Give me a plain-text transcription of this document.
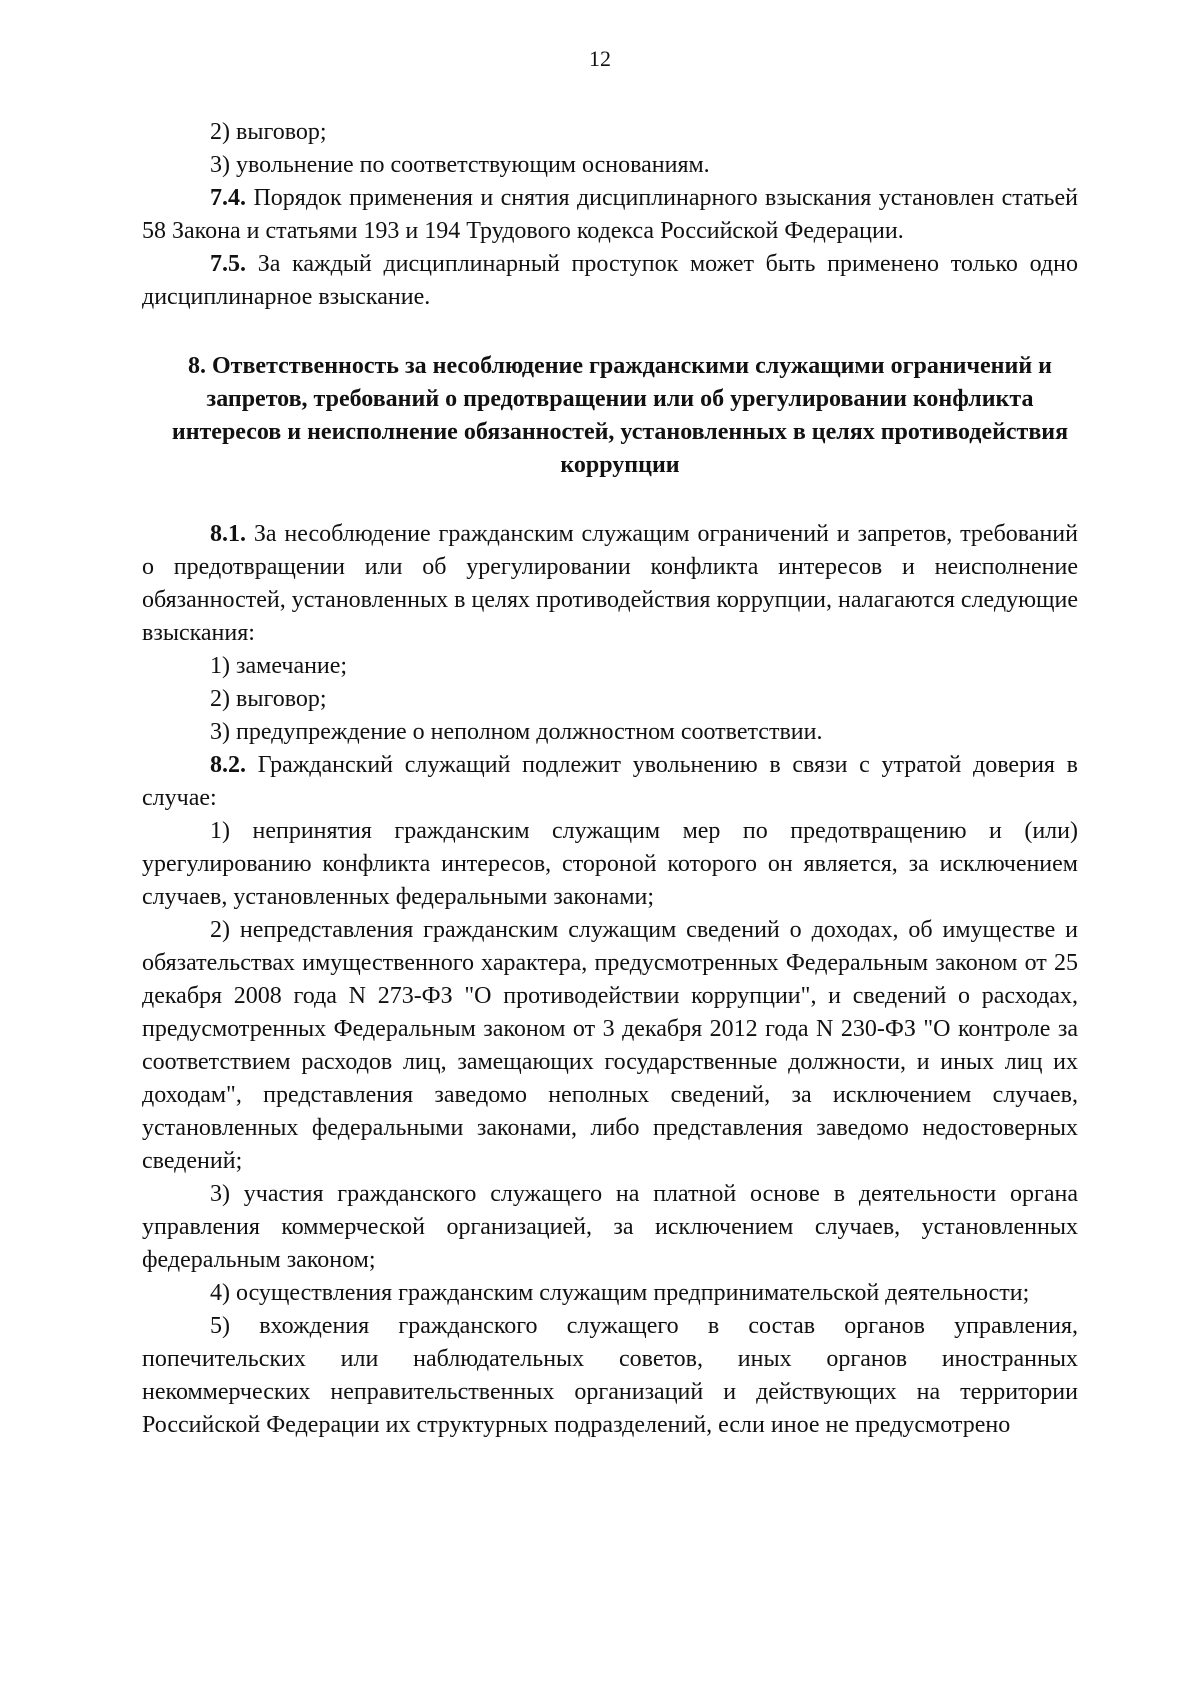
12

2) выговор;

3) увольнение по соответствующим основаниям.

7.4. Порядок применения и снятия дисциплинарного взыскания установлен статьей 58 Закона и статьями 193 и 194 Трудового кодекса Российской Федерации.

7.5. За каждый дисциплинарный проступок может быть применено только одно дисциплинарное взыскание.

8. Ответственность за несоблюдение гражданскими служащими ограничений и запретов, требований о предотвращении или об урегулировании конфликта интересов и неисполнение обязанностей, установленных в целях противодействия коррупции

8.1. За несоблюдение гражданским служащим ограничений и запретов, требований о предотвращении или об урегулировании конфликта интересов и неисполнение обязанностей, установленных в целях противодействия коррупции, налагаются следующие взыскания:

1) замечание;

2) выговор;

3) предупреждение о неполном должностном соответствии.

8.2. Гражданский служащий подлежит увольнению в связи с утратой доверия в случае:

1) непринятия гражданским служащим мер по предотвращению и (или) урегулированию конфликта интересов, стороной которого он является, за исключением случаев, установленных федеральными законами;

2) непредставления гражданским служащим сведений о доходах, об имуществе и обязательствах имущественного характера, предусмотренных Федеральным законом от 25 декабря 2008 года N 273-ФЗ "О противодействии коррупции", и сведений о расходах, предусмотренных Федеральным законом от 3 декабря 2012 года N 230-ФЗ "О контроле за соответствием расходов лиц, замещающих государственные должности, и иных лиц их доходам", представления заведомо неполных сведений, за исключением случаев, установленных федеральными законами, либо представления заведомо недостоверных сведений;

3) участия гражданского служащего на платной основе в деятельности органа управления коммерческой организацией, за исключением случаев, установленных федеральным законом;

4) осуществления гражданским служащим предпринимательской деятельности;

5) вхождения гражданского служащего в состав органов управления, попечительских или наблюдательных советов, иных органов иностранных некоммерческих неправительственных организаций и действующих на территории Российской Федерации их структурных подразделений, если иное не предусмотрено
